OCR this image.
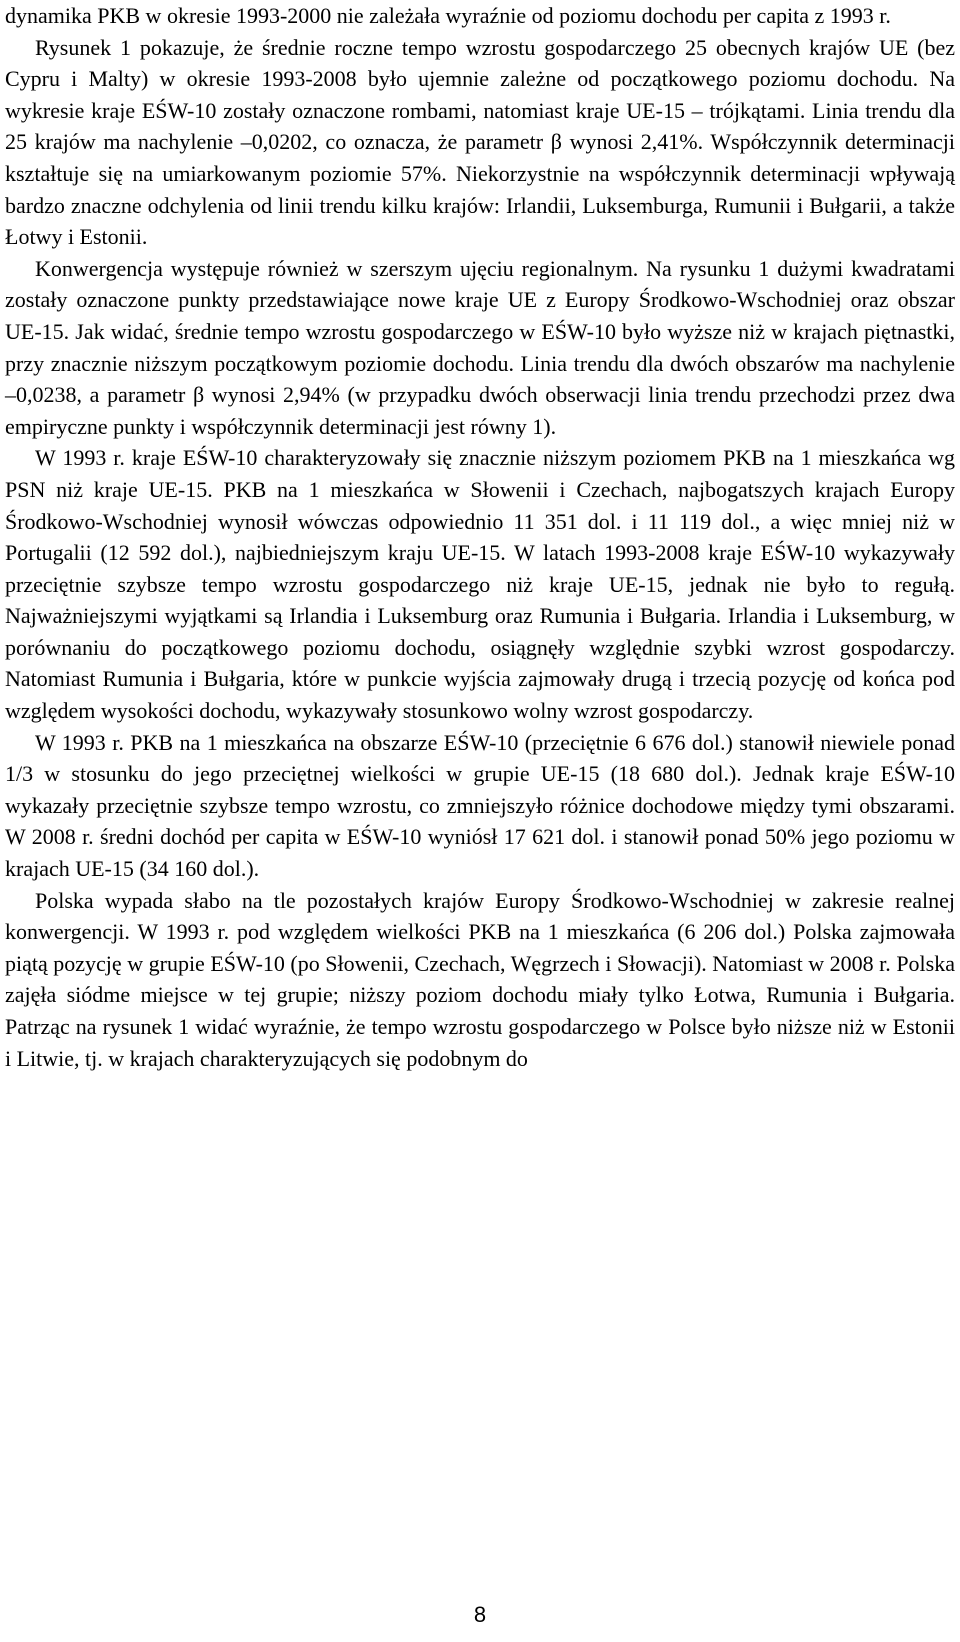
dynamika PKB w okresie 1993-2000 nie zależała wyraźnie od poziomu dochodu per capita z 1993 r.

Rysunek 1 pokazuje, że średnie roczne tempo wzrostu gospodarczego 25 obecnych krajów UE (bez Cypru i Malty) w okresie 1993-2008 było ujemnie zależne od początkowego poziomu dochodu. Na wykresie kraje EŚW-10 zostały oznaczone rombami, natomiast kraje UE-15 – trójkątami. Linia trendu dla 25 krajów ma nachylenie –0,0202, co oznacza, że parametr β wynosi 2,41%. Współczynnik determinacji kształtuje się na umiarkowanym poziomie 57%. Niekorzystnie na współczynnik determinacji wpływają bardzo znaczne odchylenia od linii trendu kilku krajów: Irlandii, Luksemburga, Rumunii i Bułgarii, a także Łotwy i Estonii.

Konwergencja występuje również w szerszym ujęciu regionalnym. Na rysunku 1 dużymi kwadratami zostały oznaczone punkty przedstawiające nowe kraje UE z Europy Środkowo-Wschodniej oraz obszar UE-15. Jak widać, średnie tempo wzrostu gospodarczego w EŚW-10 było wyższe niż w krajach piętnastki, przy znacznie niższym początkowym poziomie dochodu. Linia trendu dla dwóch obszarów ma nachylenie –0,0238, a parametr β wynosi 2,94% (w przypadku dwóch obserwacji linia trendu przechodzi przez dwa empiryczne punkty i współczynnik determinacji jest równy 1).

W 1993 r. kraje EŚW-10 charakteryzowały się znacznie niższym poziomem PKB na 1 mieszkańca wg PSN niż kraje UE-15. PKB na 1 mieszkańca w Słowenii i Czechach, najbogatszych krajach Europy Środkowo-Wschodniej wynosił wówczas odpowiednio 11 351 dol. i 11 119 dol., a więc mniej niż w Portugalii (12 592 dol.), najbiedniejszym kraju UE-15. W latach 1993-2008 kraje EŚW-10 wykazywały przeciętnie szybsze tempo wzrostu gospodarczego niż kraje UE-15, jednak nie było to regułą. Najważniejszymi wyjątkami są Irlandia i Luksemburg oraz Rumunia i Bułgaria. Irlandia i Luksemburg, w porównaniu do początkowego poziomu dochodu, osiągnęły względnie szybki wzrost gospodarczy. Natomiast Rumunia i Bułgaria, które w punkcie wyjścia zajmowały drugą i trzecią pozycję od końca pod względem wysokości dochodu, wykazywały stosunkowo wolny wzrost gospodarczy.

W 1993 r. PKB na 1 mieszkańca na obszarze EŚW-10 (przeciętnie 6 676 dol.) stanowił niewiele ponad 1/3 w stosunku do jego przeciętnej wielkości w grupie UE-15 (18 680 dol.). Jednak kraje EŚW-10 wykazały przeciętnie szybsze tempo wzrostu, co zmniejszyło różnice dochodowe między tymi obszarami. W 2008 r. średni dochód per capita w EŚW-10 wyniósł 17 621 dol. i stanowił ponad 50% jego poziomu w krajach UE-15 (34 160 dol.).

Polska wypada słabo na tle pozostałych krajów Europy Środkowo-Wschodniej w zakresie realnej konwergencji. W 1993 r. pod względem wielkości PKB na 1 mieszkańca (6 206 dol.) Polska zajmowała piątą pozycję w grupie EŚW-10 (po Słowenii, Czechach, Węgrzech i Słowacji). Natomiast w 2008 r. Polska zajęła siódme miejsce w tej grupie; niższy poziom dochodu miały tylko Łotwa, Rumunia i Bułgaria. Patrząc na rysunek 1 widać wyraźnie, że tempo wzrostu gospodarczego w Polsce było niższe niż w Estonii i Litwie, tj. w krajach charakteryzujących się podobnym do

8
